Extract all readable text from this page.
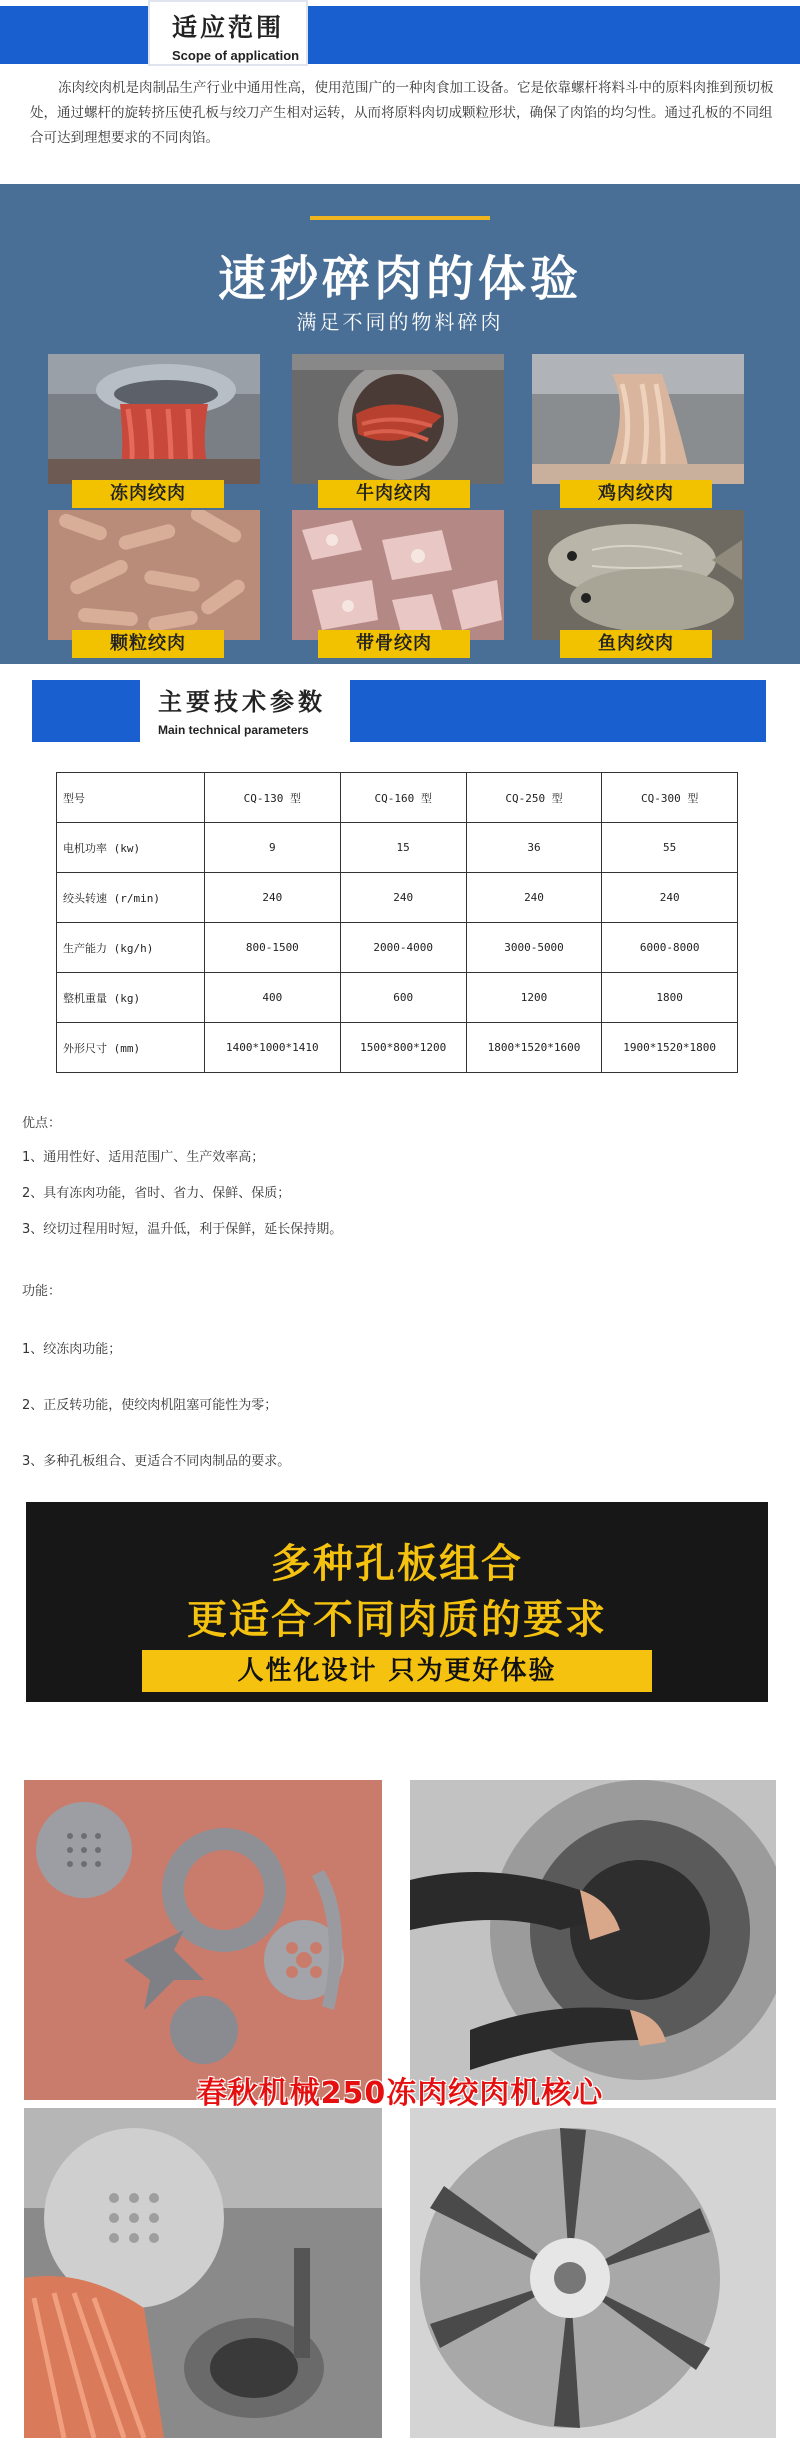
适应范围
Scope of application

冻肉绞肉机是肉制品生产行业中通用性高，使用范围广的一种肉食加工设备。它是依靠螺杆将料斗中的原料肉推到预切板处，通过螺杆的旋转挤压使孔板与绞刀产生相对运转，从而将原料肉切成颗粒形状，确保了肉馅的均匀性。通过孔板的不同组合可达到理想要求的不同肉馅。

速秒碎肉的体验
满足不同的物料碎肉
冻肉绞肉	牛肉绞肉	鸡肉绞肉
颗粒绞肉	带骨绞肉	鱼肉绞肉
主要技术参数
Main technical parameters
型号	CQ-130 型	CQ-160 型	CQ-250 型	CQ-300 型
电机功率 (kw)	9	15	36	55
绞头转速 (r/min)	240	240	240	240
生产能力 (kg/h)	800-1500	2000-4000	3000-5000	6000-8000
整机重量 (kg)	400	600	1200	1800
外形尺寸 (mm)	1400*1000*1410	1500*800*1200	1800*1520*1600	1900*1520*1800
优点：
1、通用性好、适用范围广、生产效率高；
2、具有冻肉功能，省时、省力、保鲜、保质；
3、绞切过程用时短，温升低，利于保鲜，延长保持期。
功能：
1、绞冻肉功能；
2、正反转功能，使绞肉机阻塞可能性为零；
3、多种孔板组合、更适合不同肉制品的要求。
多种孔板组合
更适合不同肉质的要求
人性化设计 只为更好体验
春秋机械250冻肉绞肉机核心
